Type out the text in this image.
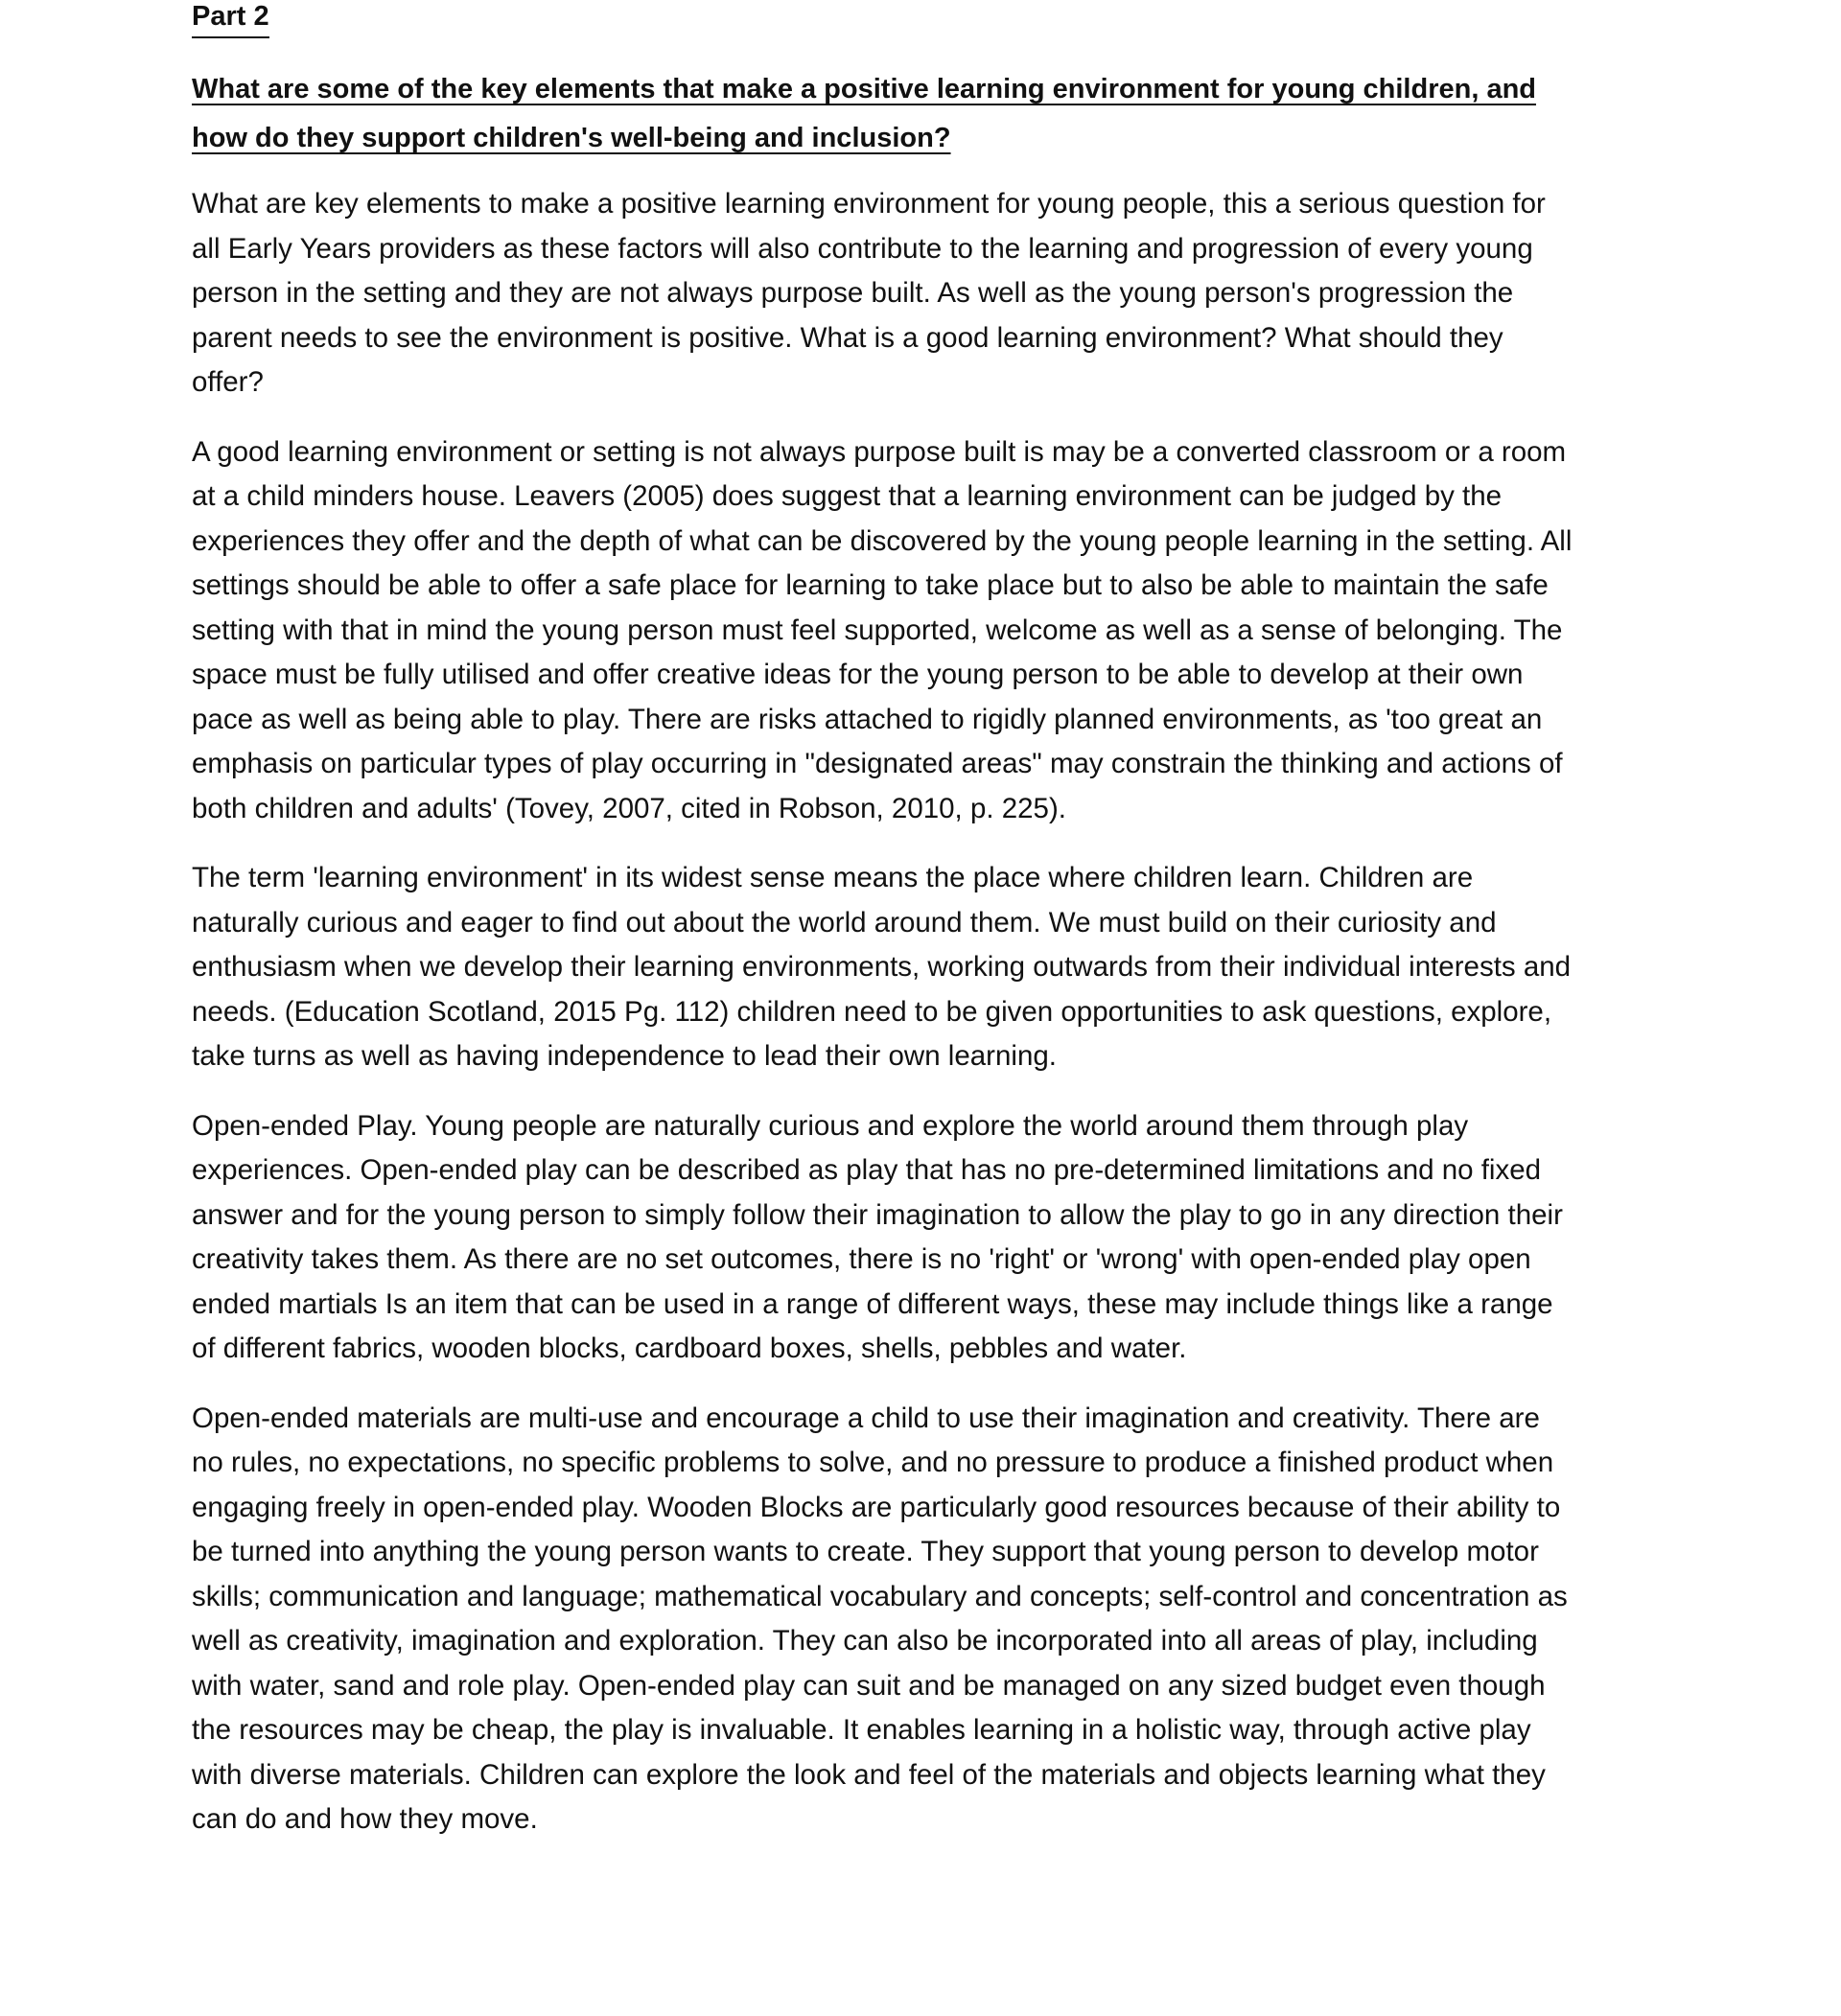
Part 2
What are some of the key elements that make a positive learning environment for young children, and how do they support children's well-being and inclusion?

What are key elements to make a positive learning environment for young people, this a serious question for all Early Years providers as these factors will also contribute to the learning and progression of every young person in the setting and they are not always purpose built. As well as the young person's progression the parent needs to see the environment is positive. What is a good learning environment? What should they offer?

A good learning environment or setting is not always purpose built is may be a converted classroom or a room at a child minders house. Leavers (2005) does suggest that a learning environment can be judged by the experiences they offer and the depth of what can be discovered by the young people learning in the setting. All settings should be able to offer a safe place for learning to take place but to also be able to maintain the safe setting with that in mind the young person must feel supported, welcome as well as a sense of belonging. The space must be fully utilised and offer creative ideas for the young person to be able to develop at their own pace as well as being able to play. There are risks attached to rigidly planned environments, as 'too great an emphasis on particular types of play occurring in "designated areas" may constrain the thinking and actions of both children and adults' (Tovey, 2007, cited in Robson, 2010, p. 225).

The term 'learning environment' in its widest sense means the place where children learn. Children are naturally curious and eager to find out about the world around them. We must build on their curiosity and enthusiasm when we develop their learning environments, working outwards from their individual interests and needs. (Education Scotland, 2015 Pg. 112) children need to be given opportunities to ask questions, explore, take turns as well as having independence to lead their own learning.

Open-ended Play. Young people are naturally curious and explore the world around them through play experiences. Open-ended play can be described as play that has no pre-determined limitations and no fixed answer and for the young person to simply follow their imagination to allow the play to go in any direction their creativity takes them. As there are no set outcomes, there is no 'right' or 'wrong' with open-ended play open ended martials Is an item that can be used in a range of different ways, these may include things like a range of different fabrics, wooden blocks, cardboard boxes, shells, pebbles and water.

Open-ended materials are multi-use and encourage a child to use their imagination and creativity. There are no rules, no expectations, no specific problems to solve, and no pressure to produce a finished product when engaging freely in open-ended play. Wooden Blocks are particularly good resources because of their ability to be turned into anything the young person wants to create. They support that young person to develop motor skills; communication and language; mathematical vocabulary and concepts; self-control and concentration as well as creativity, imagination and exploration. They can also be incorporated into all areas of play, including with water, sand and role play. Open-ended play can suit and be managed on any sized budget even though the resources may be cheap, the play is invaluable. It enables learning in a holistic way, through active play with diverse materials. Children can explore the look and feel of the materials and objects learning what they can do and how they move.
